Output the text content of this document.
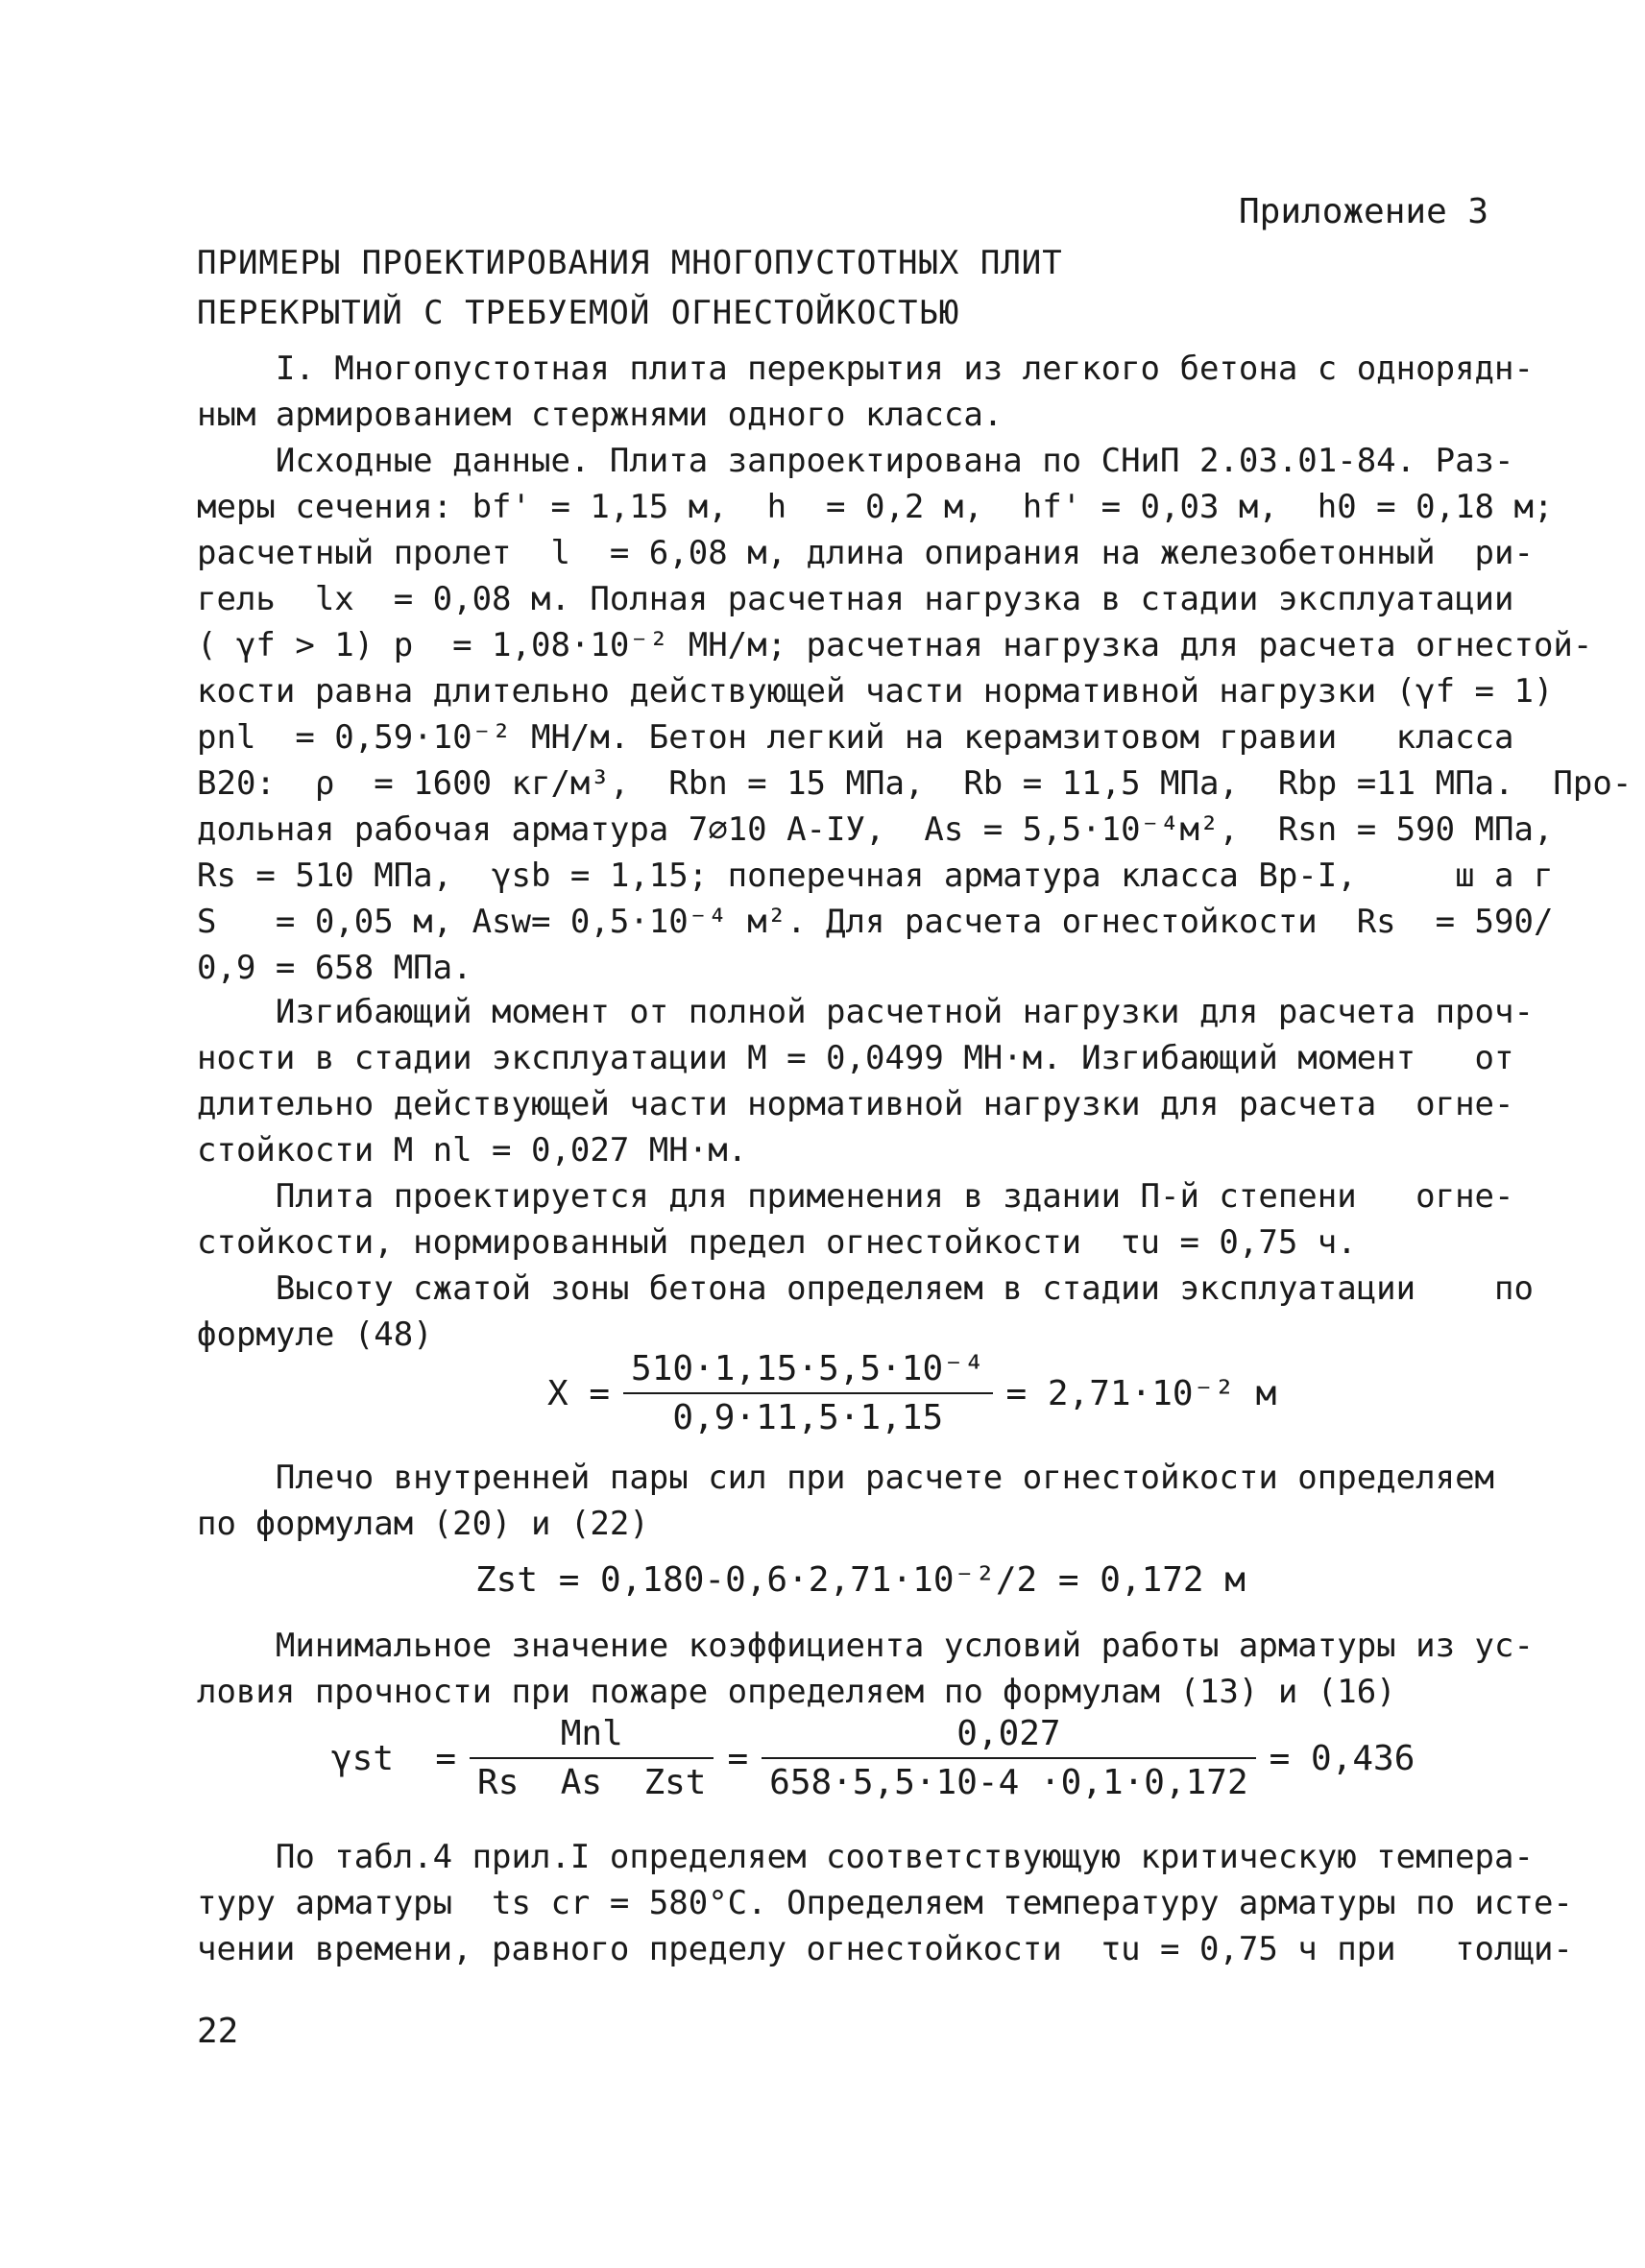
Приложение 3
ПРИМЕРЫ ПРОЕКТИРОВАНИЯ МНОГОПУСТОТНЫХ ПЛИТ
ПЕРЕКРЫТИЙ С ТРЕБУЕМОЙ ОГНЕСТОЙКОСТЬЮ
I. Многопустотная плита перекрытия из легкого бетона с однорядн-
ным армированием стержнями одного класса.
Исходные данные. Плита запроектирована по СНиП 2.03.01-84. Раз-
меры сечения: bf' = 1,15 м,  h  = 0,2 м,  hf' = 0,03 м,  h0 = 0,18 м;
расчетный пролет  l  = 6,08 м, длина опирания на железобетонный  ри-
гель  lx  = 0,08 м. Полная расчетная нагрузка в стадии эксплуатации
( γf > 1) p  = 1,08·10⁻² МН/м; расчетная нагрузка для расчета огнестой-
кости равна длительно действующей части нормативной нагрузки (γf = 1)
pnl  = 0,59·10⁻² МН/м. Бетон легкий на керамзитовом гравии   класса
В20:  ρ  = 1600 кг/м³,  Rbn = 15 МПа,  Rb = 11,5 МПа,  Rbp =11 МПа.  Про-
дольная рабочая арматура 7⌀10 А-IУ,  As = 5,5·10⁻⁴м²,  Rsn = 590 МПа,
Rs = 510 МПа,  γsb = 1,15; поперечная арматура класса Вр-I,     ш а г
S   = 0,05 м, Asw= 0,5·10⁻⁴ м². Для расчета огнестойкости  Rs  = 590/
0,9 = 658 МПа.
Изгибающий момент от полной расчетной нагрузки для расчета проч-
ности в стадии эксплуатации М = 0,0499 МН·м. Изгибающий момент   от
длительно действующей части нормативной нагрузки для расчета  огне-
стойкости М nl = 0,027 МН·м.
Плита проектируется для применения в здании П-й степени   огне-
стойкости, нормированный предел огнестойкости  τu = 0,75 ч.
Высоту сжатой зоны бетона определяем в стадии эксплуатации    по
формуле (48)
$X = \frac{\text{510·1,15·5,5·10⁻⁴}}{0,9\cdot 11,5\cdot 1,15} = 2,71\cdot 10^{-2}$ м
Плечо внутренней пары сил при расчете огнестойкости определяем
по формулам (20) и (22)
Zst = 0,180-0,6·2,71·10⁻²/2 = 0,172 м
Минимальное значение коэффициента условий работы арматуры из ус-
ловия прочности при пожаре определяем по формулам (13) и (16)
$\gamma st = \frac{\text{Mnl}}{\text{Rs  As  Zst}} = \frac{0,027}{658\cdot 5,5\cdot 10-4 \cdot 0,1\cdot 0,172} = 0,436$
По табл.4 прил.I определяем соответствующую критическую темпера-
туру арматуры  ts cr = 580°С. Определяем температуру арматуры по исте-
чении времени, равного пределу огнестойкости  τu = 0,75 ч при   толщи-
22
